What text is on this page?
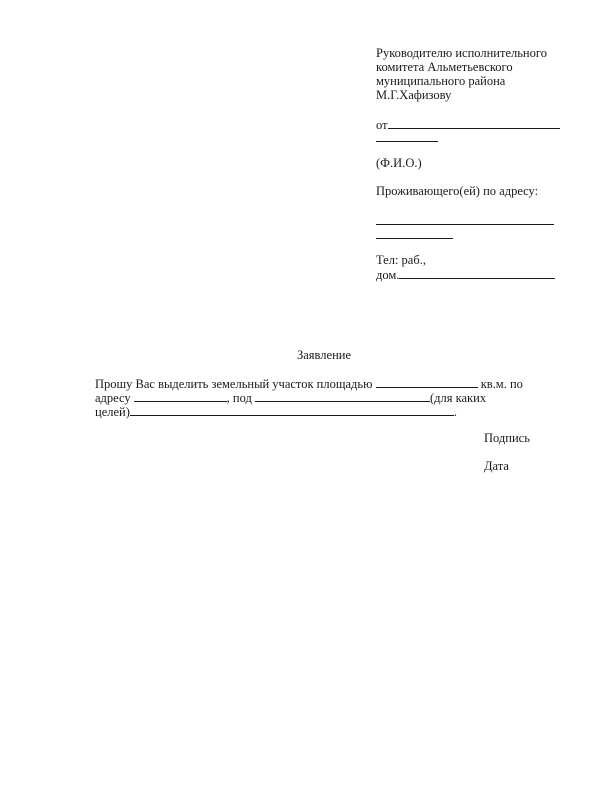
Руководителю исполнительного
комитета Альметьевского
муниципального района
М.Г.Хафизову
от
(Ф.И.О.)
Проживающего(ей) по адресу:
Тел: раб.,
дом.
Заявление
Прошу Вас выделить земельный участок площадью	кв.м. по
адресу	, под	(для каких
целей)	.
Подпись
Дата
